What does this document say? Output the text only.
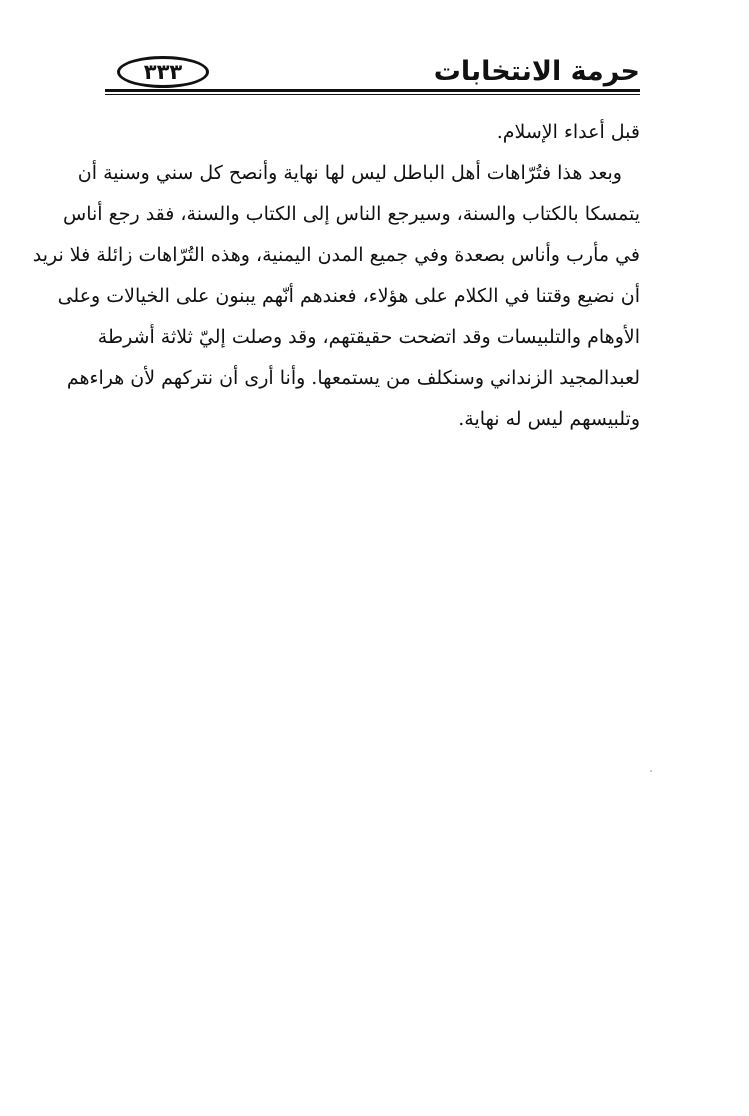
حرمة الانتخابات
٣٣٣
قبل أعداء الإسلام.
وبعد هذا فتُرّاهات أهل الباطل ليس لها نهاية وأنصح كل سني وسنية أن
يتمسكا بالكتاب والسنة، وسيرجع الناس إلى الكتاب والسنة، فقد رجع أناس
في مأرب وأناس بصعدة وفي جميع المدن اليمنية، وهذه التُرّاهات زائلة فلا نريد
أن نضيع وقتنا في الكلام على هؤلاء، فعندهم أنّهم يبنون على الخيالات وعلى
الأوهام والتلبيسات وقد اتضحت حقيقتهم، وقد وصلت إليّ ثلاثة أشرطة
لعبدالمجيد الزنداني وسنكلف من يستمعها. وأنا أرى أن نتركهم لأن هراءهم
وتلبيسهم ليس له نهاية.
